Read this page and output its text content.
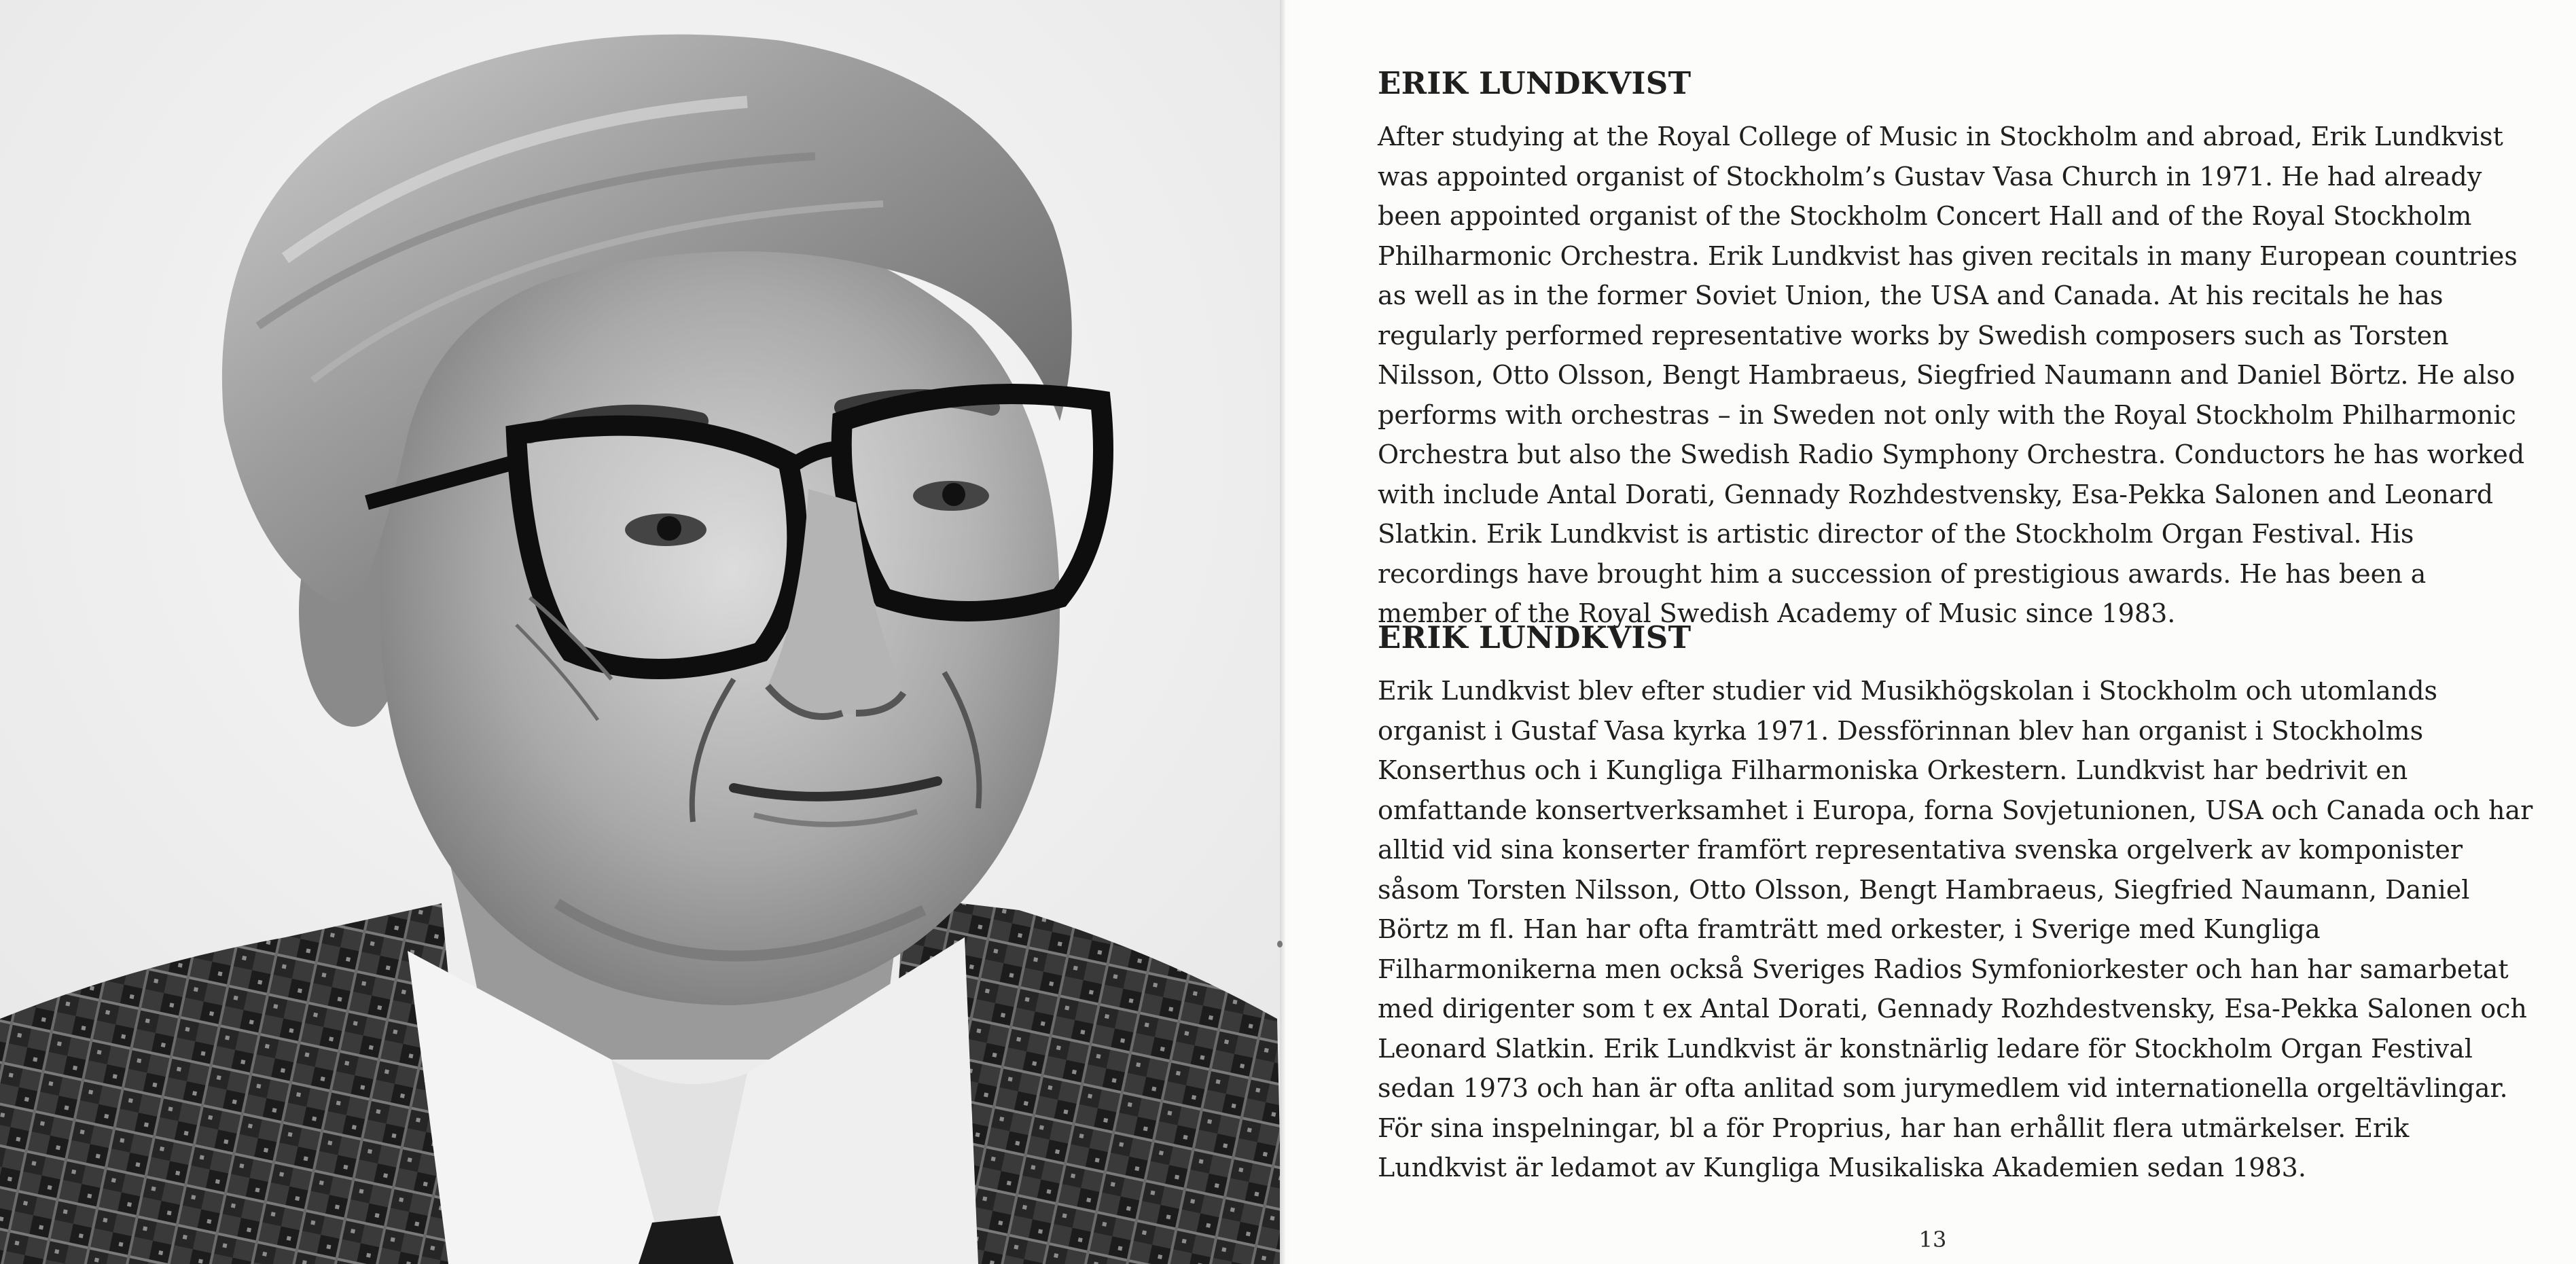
ERIK LUNDKVIST

After studying at the Royal College of Music in Stockholm and abroad, Erik Lundkvist was appointed organist of Stockholm’s Gustav Vasa Church in 1971. He had already been appointed organist of the Stockholm Concert Hall and of the Royal Stockholm Philharmonic Orchestra. Erik Lundkvist has given recitals in many European countries as well as in the former Soviet Union, the USA and Canada. At his recitals he has regularly performed representative works by Swedish composers such as Torsten Nilsson, Otto Olsson, Bengt Hambraeus, Siegfried Naumann and Daniel Börtz. He also performs with orchestras – in Sweden not only with the Royal Stockholm Philharmonic Orchestra but also the Swedish Radio Symphony Orchestra. Conductors he has worked with include Antal Dorati, Gennady Rozhdestvensky, Esa-Pekka Salonen and Leonard Slatkin. Erik Lundkvist is artistic director of the Stockholm Organ Festival. His recordings have brought him a succession of prestigious awards. He has been a member of the Royal Swedish Academy of Music since 1983.

ERIK LUNDKVIST

Erik Lundkvist blev efter studier vid Musikhögskolan i Stockholm och utomlands organist i Gustaf Vasa kyrka 1971. Dessförinnan blev han organist i Stockholms Konserthus och i Kungliga Filharmoniska Orkestern. Lundkvist har bedrivit en omfattande konsertverksamhet i Europa, forna Sovjetunionen, USA och Canada och har alltid vid sina konserter framfört representativa svenska orgelverk av komponister såsom Torsten Nilsson, Otto Olsson, Bengt Hambraeus, Siegfried Naumann, Daniel Börtz m fl. Han har ofta framträtt med orkester, i Sverige med Kungliga Filharmonikerna men också Sveriges Radios Symfoniorkester och han har samarbetat med dirigenter som t ex Antal Dorati, Gennady Rozhdestvensky, Esa-Pekka Salonen och Leonard Slatkin. Erik Lundkvist är konstnärlig ledare för Stockholm Organ Festival sedan 1973 och han är ofta anlitad som jurymedlem vid internationella orgeltävlingar. För sina inspelningar, bl a för Proprius, har han erhållit flera utmärkelser. Erik Lundkvist är ledamot av Kungliga Musikaliska Akademien sedan 1983.

13
